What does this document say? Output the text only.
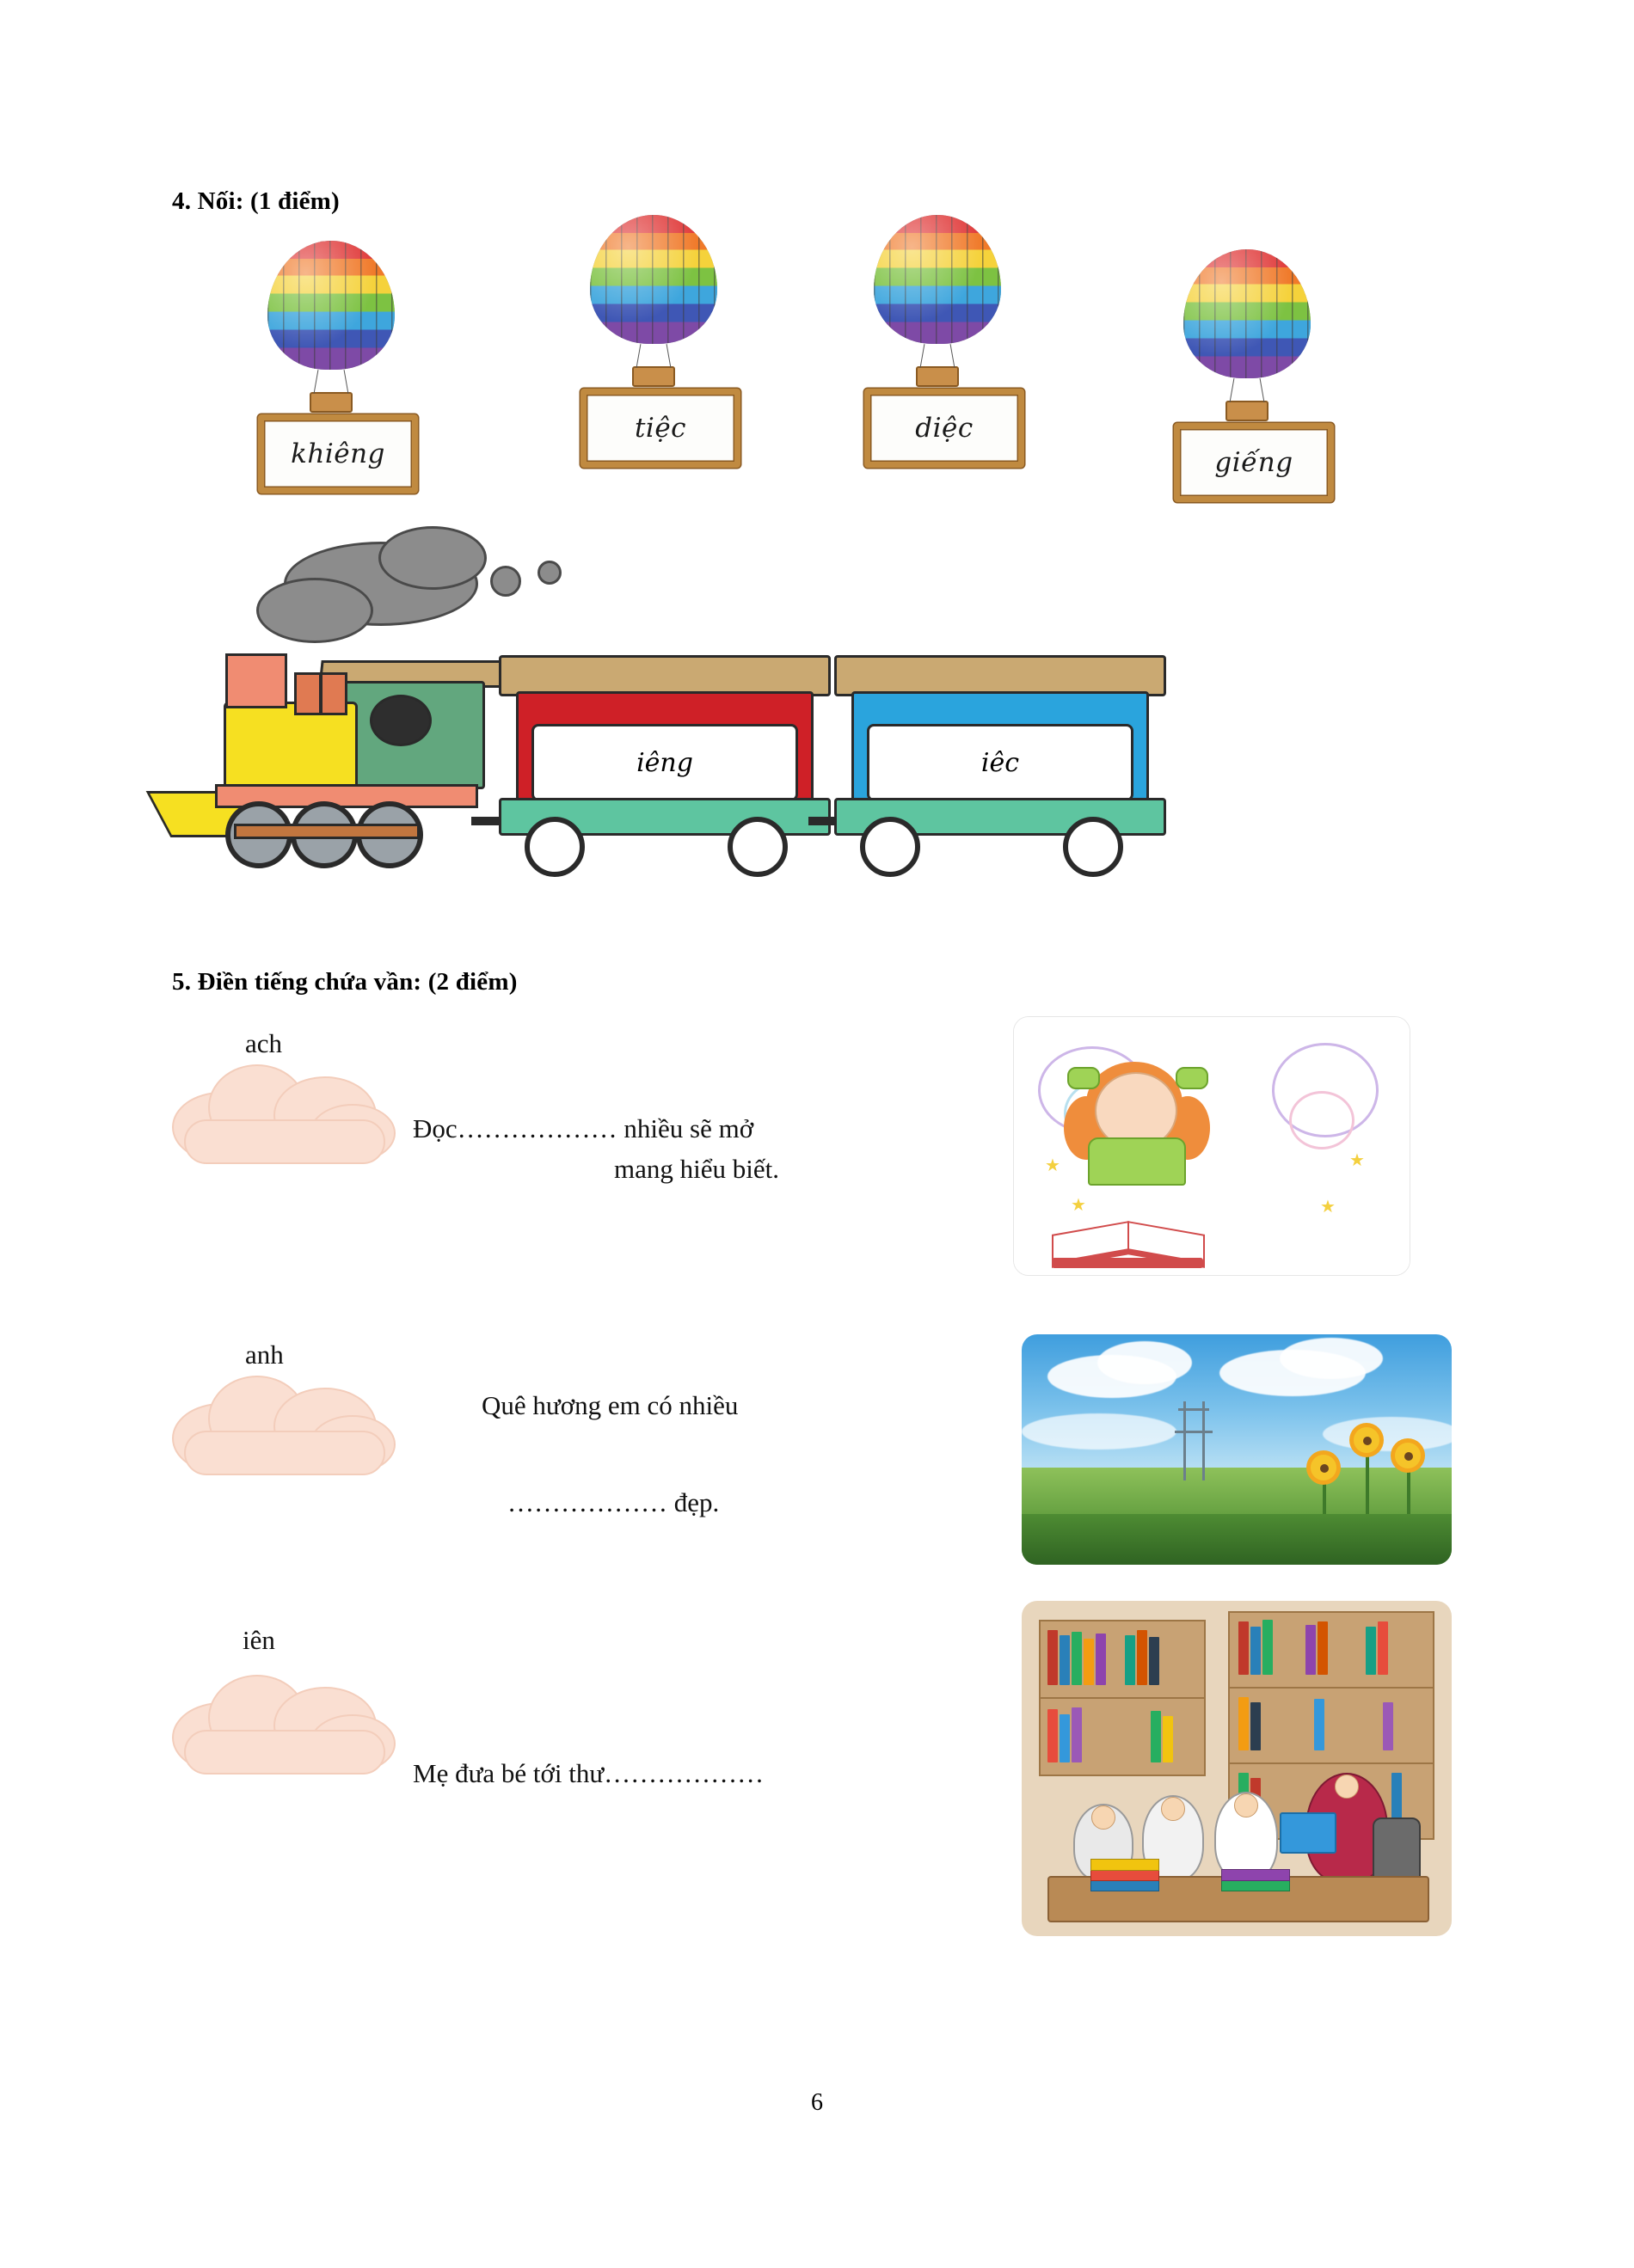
4. Nối: (1 điểm)
khiêng
tiệc	diệc
giếng
iêng	iêc
5. Điền tiếng chứa vần: (2 điểm)
ach
Đọc……………… nhiều sẽ mở
mang hiểu biết.	★
★
★
★
anh
Quê hương em có nhiều
……………… đẹp.
iên
Mẹ đưa bé tới thư………………
6
